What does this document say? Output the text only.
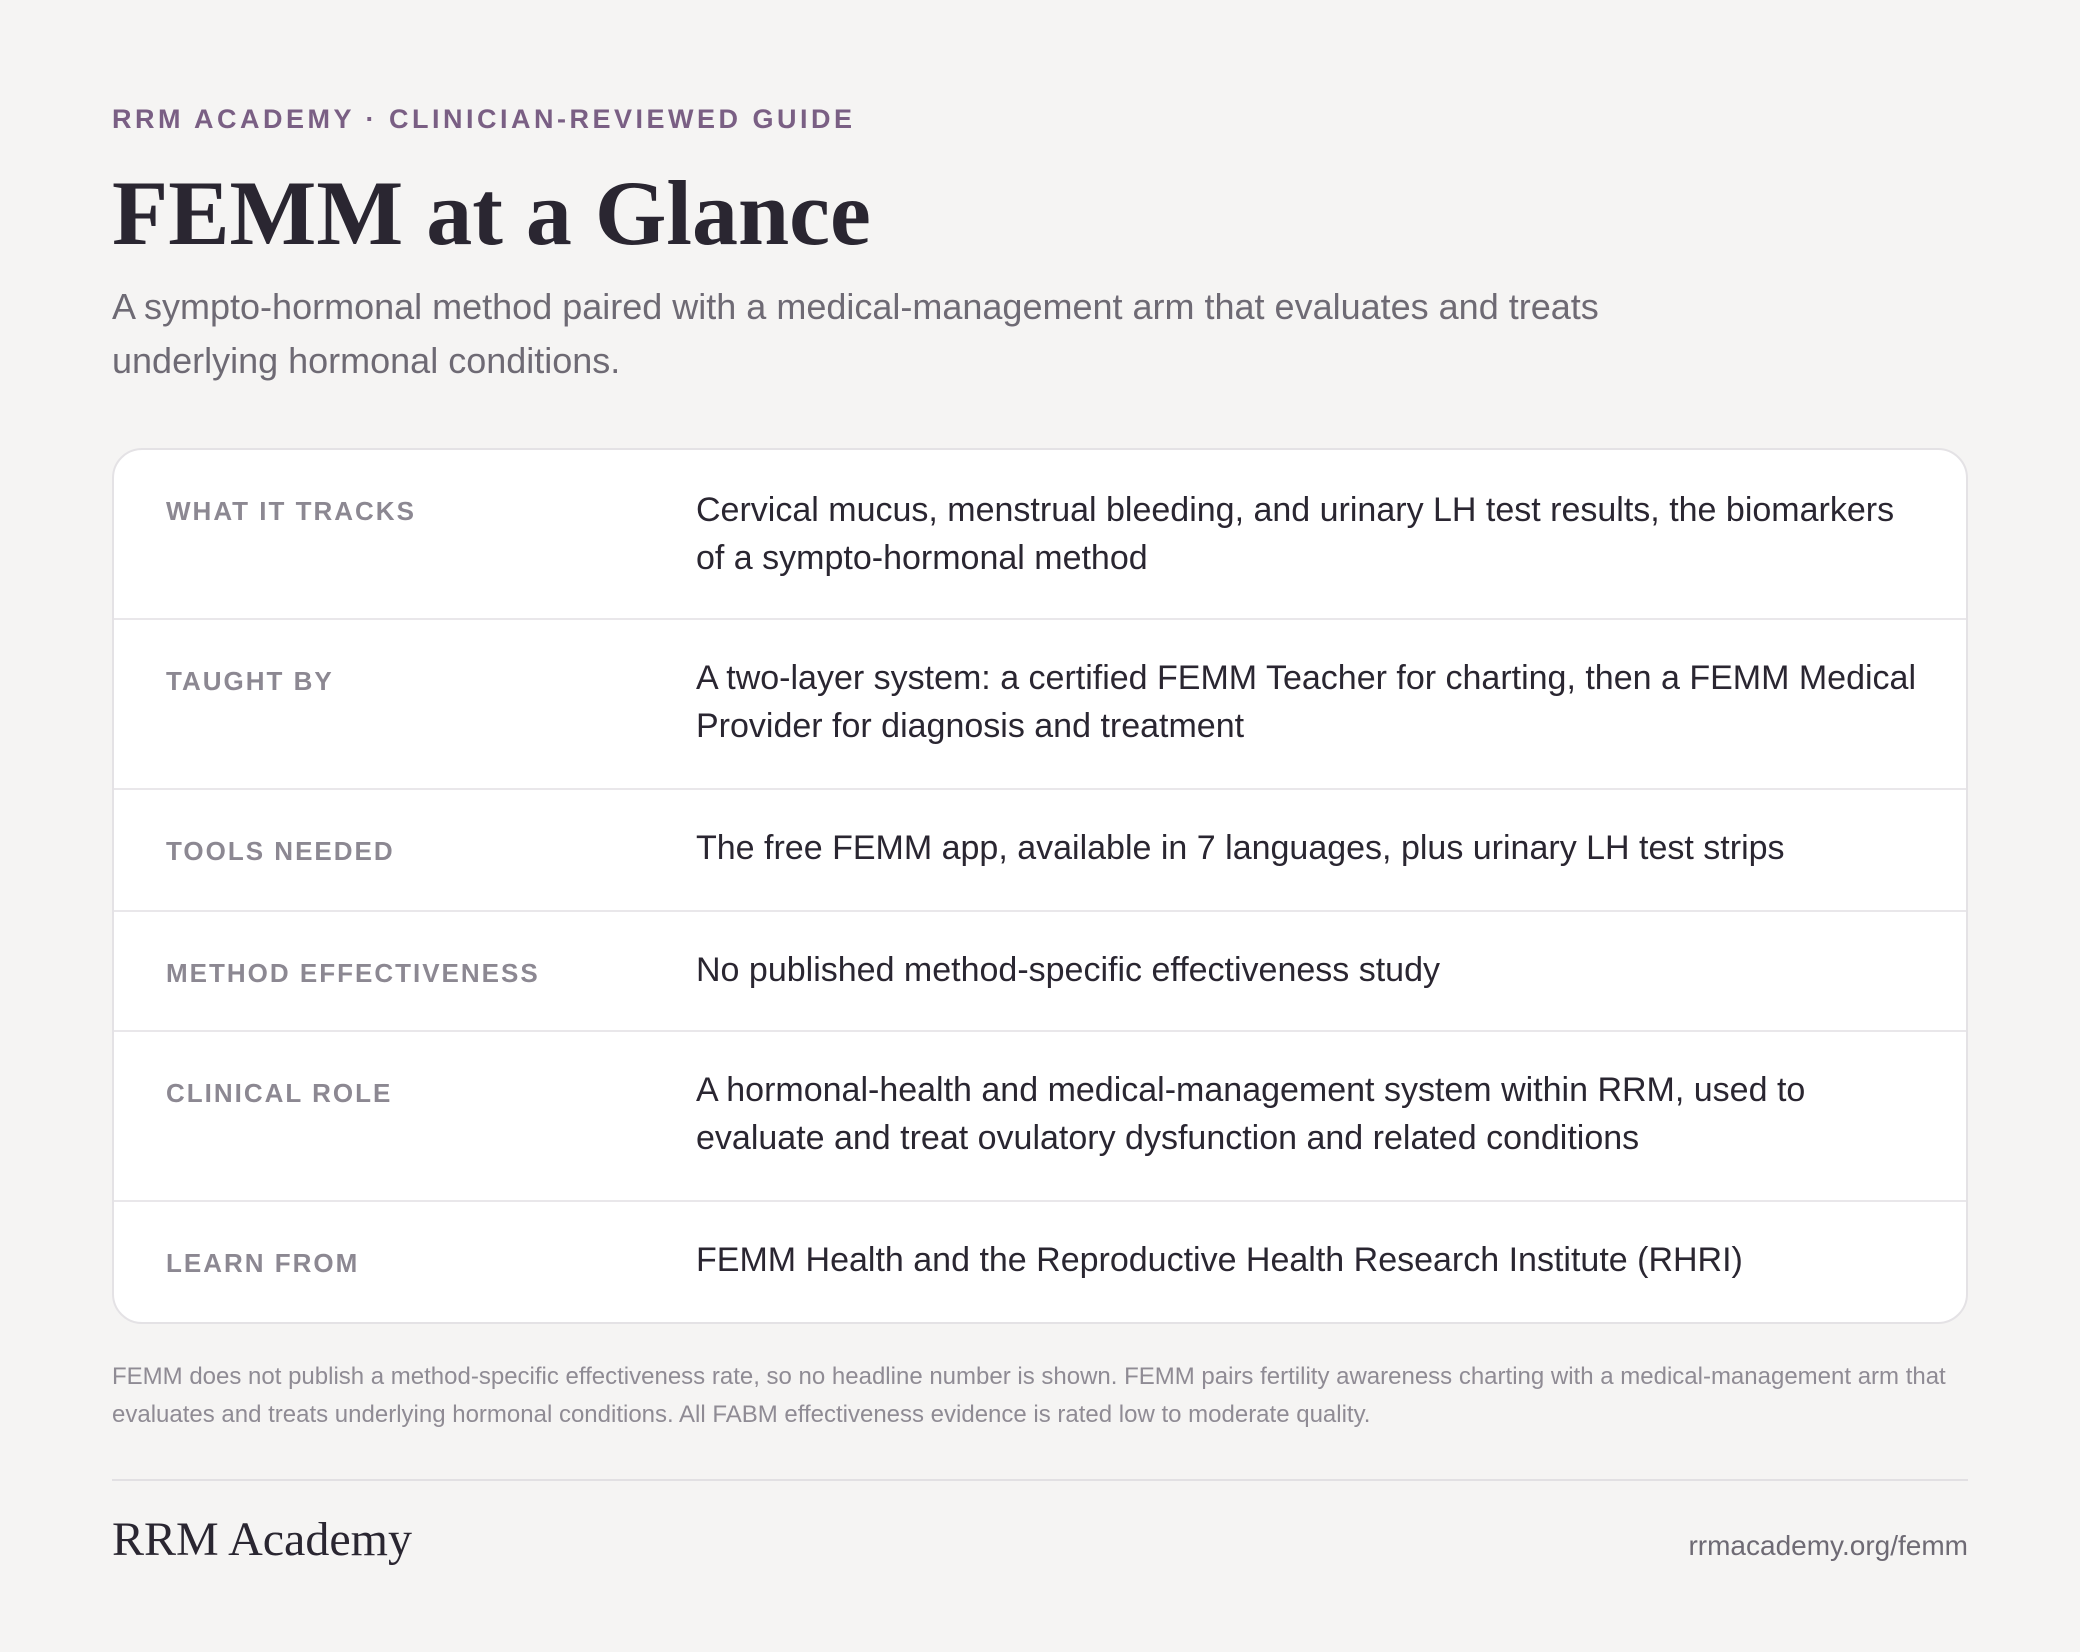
RRM ACADEMY · CLINICIAN-REVIEWED GUIDE
FEMM at a Glance
A sympto-hormonal method paired with a medical-management arm that evaluates and treats underlying hormonal conditions.
WHAT IT TRACKS	Cervical mucus, menstrual bleeding, and urinary LH test results, the biomarkers of a sympto-hormonal method
TAUGHT BY	A two-layer system: a certified FEMM Teacher for charting, then a FEMM Medical Provider for diagnosis and treatment
TOOLS NEEDED	The free FEMM app, available in 7 languages, plus urinary LH test strips
METHOD EFFECTIVENESS	No published method-specific effectiveness study
CLINICAL ROLE	A hormonal-health and medical-management system within RRM, used to evaluate and treat ovulatory dysfunction and related conditions
LEARN FROM	FEMM Health and the Reproductive Health Research Institute (RHRI)
FEMM does not publish a method-specific effectiveness rate, so no headline number is shown. FEMM pairs fertility awareness charting with a medical-management arm that evaluates and treats underlying hormonal conditions. All FABM effectiveness evidence is rated low to moderate quality.
RRM Academy	rrmacademy.org/femm
